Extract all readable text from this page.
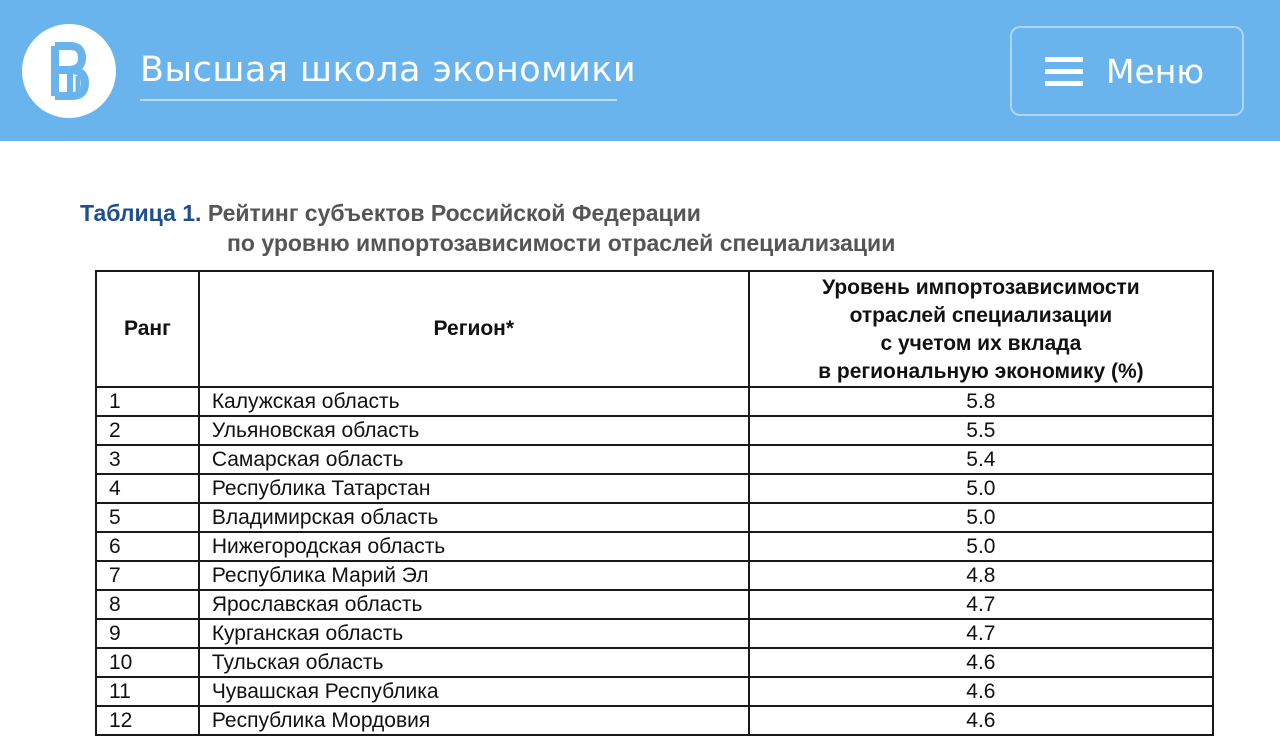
Высшая школа экономики	Меню
Таблица 1. Рейтинг субъектов Российской Федерации
по уровню импортозависимости отраслей специализации
Ранг	Регион*	Уровень импортозависимости
отраслей специализации
с учетом их вклада
в региональную экономику (%)

1	Калужская область	5.8
2	Ульяновская область	5.5
3	Самарская область	5.4
4	Республика Татарстан	5.0
5	Владимирская область	5.0
6	Нижегородская область	5.0
7	Республика Марий Эл	4.8
8	Ярославская область	4.7
9	Курганская область	4.7
10	Тульская область	4.6
11	Чувашская Республика	4.6
12	Республика Мордовия	4.6
